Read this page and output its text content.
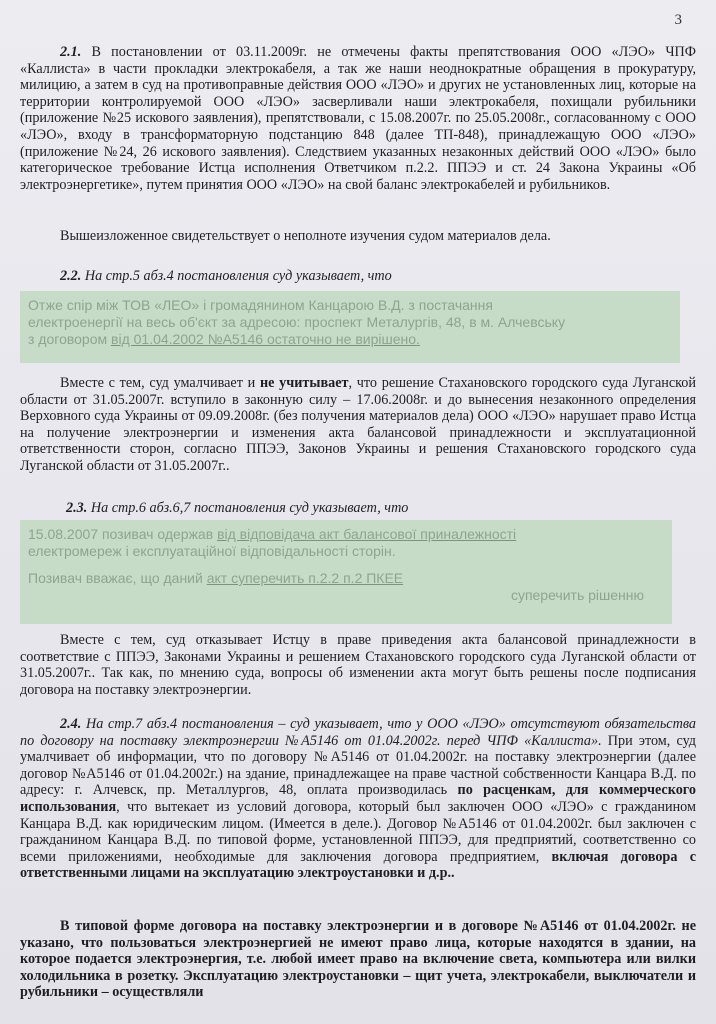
3

2.1. В постановлении от 03.11.2009г. не отмечены факты препятствования ООО «ЛЭО» ЧПФ «Каллиста» в части прокладки электрокабеля, а так же наши неоднократные обращения в прокуратуру, милицию, а затем в суд на противоправные действия ООО «ЛЭО» и других не установленных лиц, которые на территории контролируемой ООО «ЛЭО» засверливали наши электрокабеля, похищали рубильники (приложение №25 искового заявления), препятствовали, с 15.08.2007г. по 25.05.2008г., согласованному с ООО «ЛЭО», входу в трансформаторную подстанцию 848 (далее ТП-848), принадлежащую ООО «ЛЭО» (приложение №24, 26 искового заявления). Следствием указанных незаконных действий ООО «ЛЭО» было категорическое требование Истца исполнения Ответчиком п.2.2. ППЭЭ и ст. 24 Закона Украины «Об электроэнергетике», путем принятия ООО «ЛЭО» на свой баланс электрокабелей и рубильников.

Вышеизложенное свидетельствует о неполноте изучения судом материалов дела.

2.2. На стр.5 абз.4 постановления суд указывает, что

Отже спір між ТОВ «ЛЕО» і громадянином Канцарою В.Д. з постачання

електроенергії на весь об'єкт за адресою: проспект Металургів, 48, в м. Алчевську

з договором від 01.04.2002 №А5146 остаточно не вирішено.

Вместе с тем, суд умалчивает и не учитывает, что решение Стахановского городского суда Луганской области от 31.05.2007г. вступило в законную силу – 17.06.2008г. и до вынесения незаконного определения Верховного суда Украины от 09.09.2008г. (без получения материалов дела) ООО «ЛЭО» нарушает право Истца на получение электроэнергии и изменения акта балансовой принадлежности и эксплуатационной ответственности сторон, согласно ППЭЭ, Законов Украины и решения Стахановского городского суда Луганской области от 31.05.2007г..

2.3. На стр.6 абз.6,7 постановления суд указывает, что

15.08.2007 позивач одержав від відповідача акт балансової приналежності

електромереж і експлуатаційної відповідальності сторін.

Позивач вважає, що даний акт суперечить п.2.2 п.2 ПКЕЕ

суперечить рішенню

Вместе с тем, суд отказывает Истцу в праве приведения акта балансовой принадлежности в соответствие с ППЭЭ, Законами Украины и решением Стахановского городского суда Луганской области от 31.05.2007г.. Так как, по мнению суда, вопросы об изменении акта могут быть решены после подписания договора на поставку электроэнергии.

2.4. На стр.7 абз.4 постановления – суд указывает, что у ООО «ЛЭО» отсутствуют обязательства по договору на поставку электроэнергии №А5146 от 01.04.2002г. перед ЧПФ «Каллиста». При этом, суд умалчивает об информации, что по договору №А5146 от 01.04.2002г. на поставку электроэнергии (далее договор №А5146 от 01.04.2002г.) на здание, принадлежащее на праве частной собственности Канцара В.Д. по адресу: г. Алчевск, пр. Металлургов, 48, оплата производилась по расценкам, для коммерческого использования, что вытекает из условий договора, который был заключен ООО «ЛЭО» с гражданином Канцара В.Д. как юридическим лицом. (Имеется в деле.). Договор №А5146 от 01.04.2002г. был заключен с гражданином Канцара В.Д. по типовой форме, установленной ППЭЭ, для предприятий, соответственно со всеми приложениями, необходимые для заключения договора предприятием, включая договора с ответственными лицами на эксплуатацию электроустановки и д.р..

В типовой форме договора на поставку электроэнергии и в договоре №А5146 от 01.04.2002г. не указано, что пользоваться электроэнергией не имеют право лица, которые находятся в здании, на которое подается электроэнергия, т.е. любой имеет право на включение света, компьютера или вилки холодильника в розетку. Эксплуатацию электроустановки – щит учета, электрокабели, выключатели и рубильники – осуществляли
